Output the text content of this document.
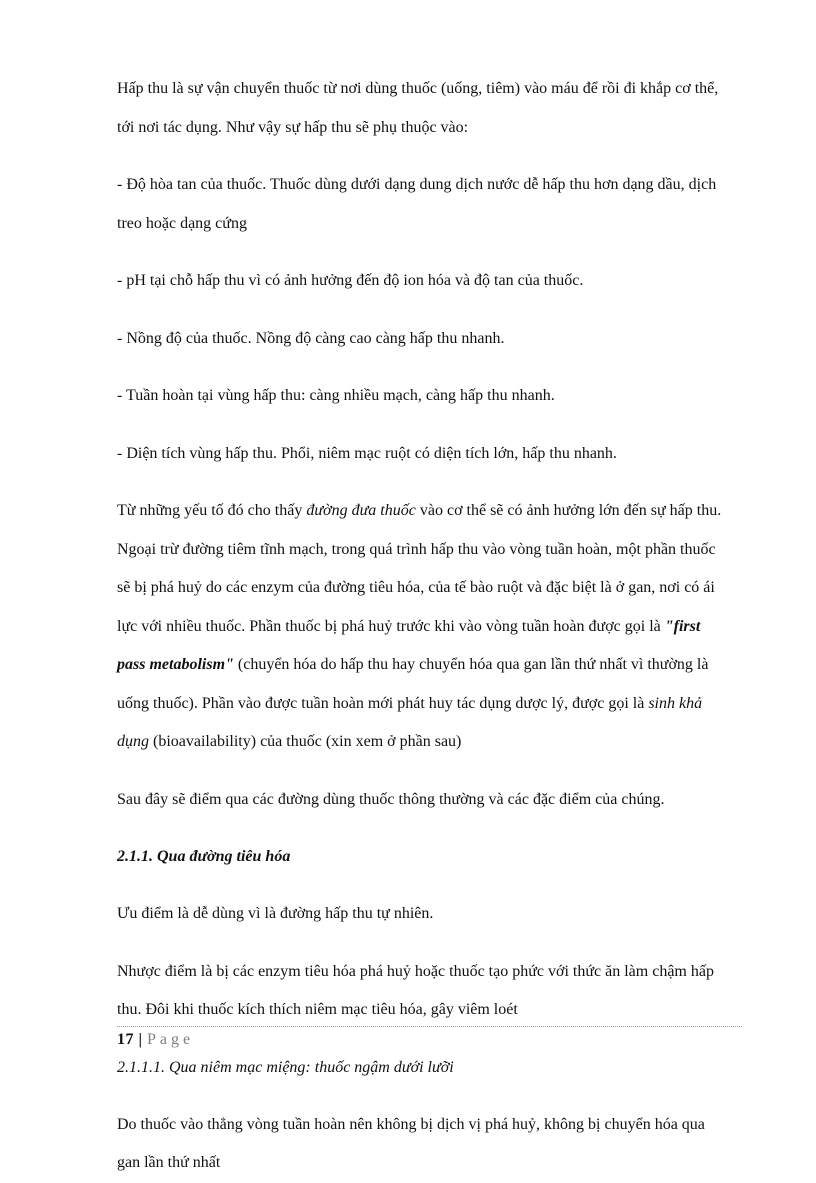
Hấp thu là sự vận chuyển thuốc từ nơi dùng thuốc (uống, tiêm) vào máu để rồi đi khắp cơ thể,
tới nơi tác dụng. Như vậy sự hấp thu sẽ phụ thuộc vào:

- Độ hòa tan của thuốc. Thuốc dùng dưới dạng dung dịch nước dễ hấp thu hơn dạng dầu, dịch
treo hoặc dạng cứng

- pH tại chỗ hấp thu vì có ảnh hưởng đến độ ion hóa và độ tan của thuốc.

- Nồng độ của thuốc. Nồng độ càng cao càng hấp thu nhanh.

- Tuần hoàn tại vùng hấp thu: càng nhiều mạch, càng hấp thu nhanh.

- Diện tích vùng hấp thu. Phổi, niêm mạc ruột có diện tích lớn, hấp thu nhanh.

Từ những yếu tố đó cho thấy đường đưa thuốc vào cơ thể sẽ có ảnh hưởng lớn đến sự hấp thu.
Ngoại trừ đường tiêm tĩnh mạch, trong quá trình hấp thu vào vòng tuần hoàn, một phần thuốc
sẽ bị phá huỷ do các enzym của đường tiêu hóa, của tế bào ruột và đặc biệt là ở gan, nơi có ái
lực với nhiều thuốc. Phần thuốc bị phá huỷ trước khi vào vòng tuần hoàn được gọi là "first
pass metabolism" (chuyển hóa do hấp thu hay chuyển hóa qua gan lần thứ nhất vì thường là
uống thuốc). Phần vào được tuần hoàn mới phát huy tác dụng dược lý, được gọi là sinh khả
dụng (bioavailability) của thuốc (xin xem ở phần sau)

Sau đây sẽ điểm qua các đường dùng thuốc thông thường và các đặc điểm của chúng.

2.1.1. Qua đường tiêu hóa

Ưu điểm là dễ dùng vì là đường hấp thu tự nhiên.

Nhược điểm là bị các enzym tiêu hóa phá huỷ hoặc thuốc tạo phức với thức ăn làm chậm hấp
thu. Đôi khi thuốc kích thích niêm mạc tiêu hóa, gây viêm loét

2.1.1.1. Qua niêm mạc miệng: thuốc ngậm dưới lưỡi

Do thuốc vào thẳng vòng tuần hoàn nên không bị dịch vị phá huỷ, không bị chuyển hóa qua
gan lần thứ nhất

17 | Page
